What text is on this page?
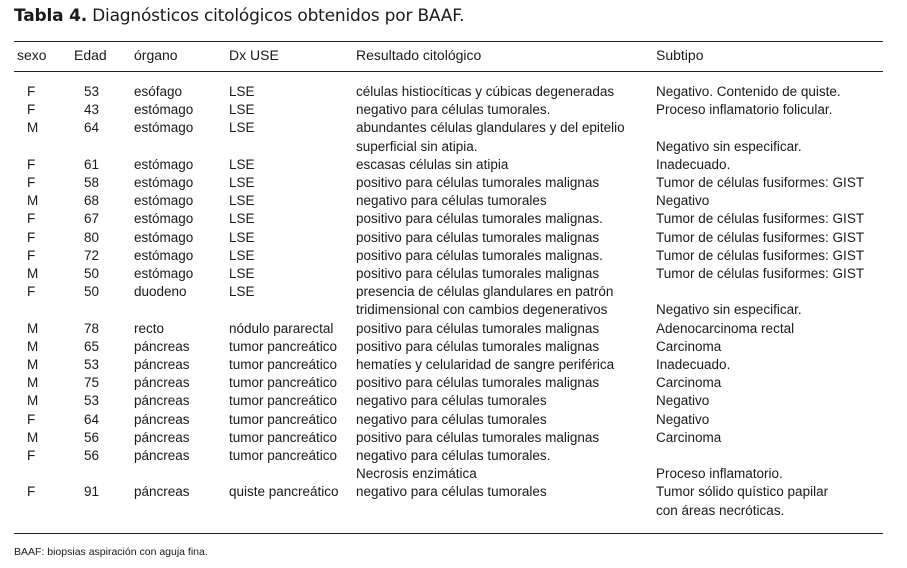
Tabla 4. Diagnósticos citológicos obtenidos por BAAF.
sexo	Edad	órgano	Dx USE	Resultado citológico	Subtipo
F	53	esófago	LSE	células histiocíticas y cúbicas degeneradas	Negativo. Contenido de quiste.

F	43	estómago	LSE	negativo para células tumorales.	Proceso inflamatorio folicular.

M	64	estómago	LSE	abundantes células glandulares y del epitelio
superficial sin atipia.	Negativo sin especificar.

F	61	estómago	LSE	escasas células sin atipia	Inadecuado.

F	58	estómago	LSE	positivo para células tumorales malignas	Tumor de células fusiformes: GIST

M	68	estómago	LSE	negativo para células tumorales	Negativo

F	67	estómago	LSE	positivo para células tumorales malignas.	Tumor de células fusiformes: GIST

F	80	estómago	LSE	positivo para células tumorales malignas	Tumor de células fusiformes: GIST

F	72	estómago	LSE	positivo para células tumorales malignas.	Tumor de células fusiformes: GIST

M	50	estómago	LSE	positivo para células tumorales malignas	Tumor de células fusiformes: GIST

F	50	duodeno	LSE	presencia de células glandulares en patrón
tridimensional con cambios degenerativos	Negativo sin especificar.

M	78	recto	nódulo pararectal	positivo para células tumorales malignas	Adenocarcinoma rectal

M	65	páncreas	tumor pancreático	positivo para células tumorales malignas	Carcinoma

M	53	páncreas	tumor pancreático	hematíes y celularidad de sangre periférica	Inadecuado.

M	75	páncreas	tumor pancreático	positivo para células tumorales malignas	Carcinoma

M	53	páncreas	tumor pancreático	negativo para células tumorales	Negativo

F	64	páncreas	tumor pancreático	negativo para células tumorales	Negativo

M	56	páncreas	tumor pancreático	positivo para células tumorales malignas	Carcinoma

F	56	páncreas	tumor pancreático	negativo para células tumorales.
Necrosis enzimática	Proceso inflamatorio.

F	91	páncreas	quiste pancreático	negativo para células tumorales	Tumor sólido quístico papilar
con áreas necróticas.
BAAF: biopsias aspiración con aguja fina.
